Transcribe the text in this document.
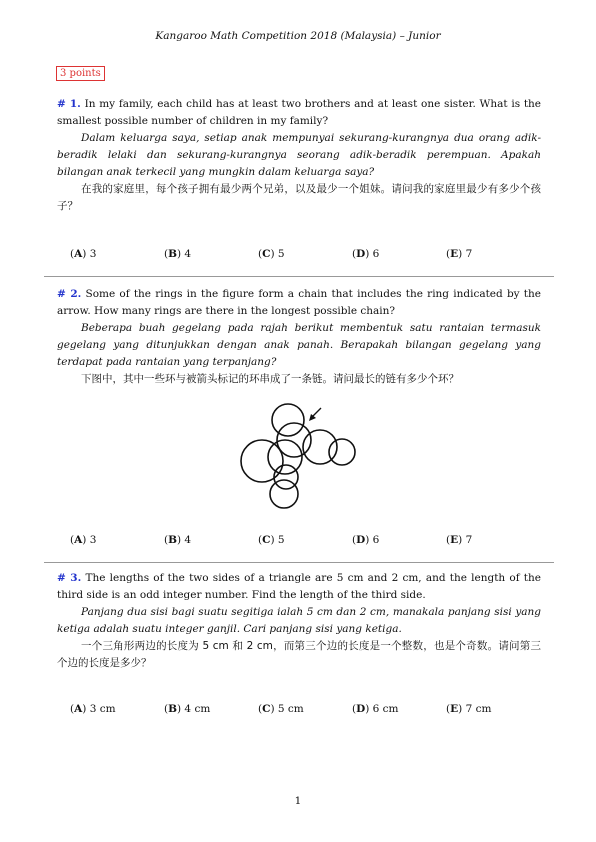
Kangaroo Math Competition 2018 (Malaysia) – Junior
3 points

# 1. In my family, each child has at least two brothers and at least one sister. What is the smallest possible number of children in my family?

Dalam keluarga saya, setiap anak mempunyai sekurang-kurangnya dua orang adik-beradik lelaki dan sekurang-kurangnya seorang adik-beradik perempuan. Apakah bilangan anak terkecil yang mungkin dalam keluarga saya?

在我的家庭里，每个孩子拥有最少两个兄弟，以及最少一个姐妹。请问我的家庭里最少有多少个孩子？

(A) 3	(B) 4	(C) 5	(D) 6	(E) 7

# 2. Some of the rings in the figure form a chain that includes the ring indicated by the arrow. How many rings are there in the longest possible chain?

Beberapa buah gegelang pada rajah berikut membentuk satu rantaian termasuk gegelang yang ditunjukkan dengan anak panah. Berapakah bilangan gegelang yang terdapat pada rantaian yang terpanjang?

下图中，其中一些环与被箭头标记的环串成了一条链。请问最长的链有多少个环？

(A) 3	(B) 4	(C) 5	(D) 6	(E) 7

# 3. The lengths of the two sides of a triangle are 5 cm and 2 cm, and the length of the third side is an odd integer number. Find the length of the third side.

Panjang dua sisi bagi suatu segitiga ialah 5 cm dan 2 cm, manakala panjang sisi yang ketiga adalah suatu integer ganjil. Cari panjang sisi yang ketiga.

一个三角形两边的长度为 5 cm 和 2 cm，而第三个边的长度是一个整数，也是个奇数。请问第三个边的长度是多少？

(A) 3 cm	(B) 4 cm	(C) 5 cm	(D) 6 cm	(E) 7 cm
1
